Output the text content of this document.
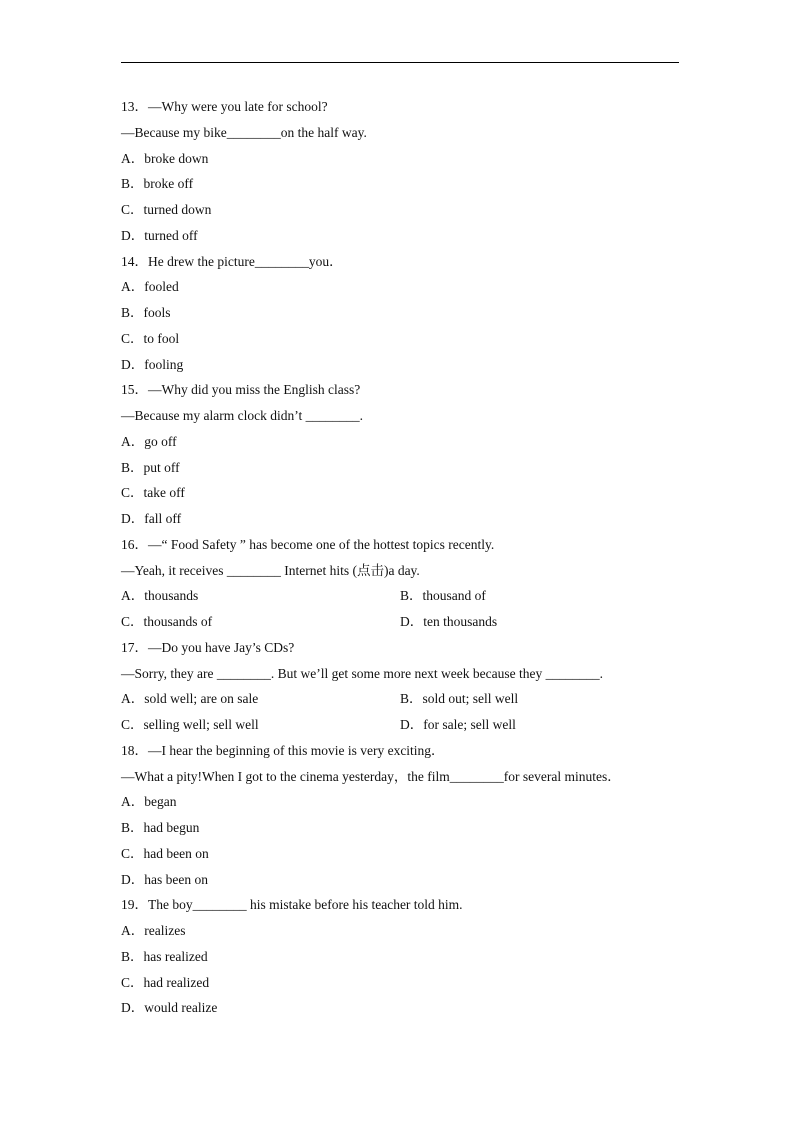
13．—Why were you late for school?
—Because my bike________on the half way.
A．broke down
B．broke off
C．turned down
D．turned off
14．He drew the picture________you．
A．fooled
B．fools
C．to fool
D．fooling
15．—Why did you miss the English class?
—Because my alarm clock didn’t ________.
A．go off
B．put off
C．take off
D．fall off
16．—“ Food Safety ” has become one of the hottest topics recently.
—Yeah, it receives ________ Internet hits (点击)a day.
A．thousands	B．thousand of
C．thousands of	D．ten thousands
17．—Do you have Jay’s CDs?
—Sorry, they are ________. But we’ll get some more next week because they ________.
A．sold well; are on sale	B．sold out; sell well
C．selling well; sell well	D．for sale; sell well
18．—I hear the beginning of this movie is very exciting．
—What a pity!When I got to the cinema yesterday，the film________for several minutes．
A．began
B．had begun
C．had been on
D．has been on
19．The boy________ his mistake before his teacher told him.
A．realizes
B．has realized
C．had realized
D．would realize
